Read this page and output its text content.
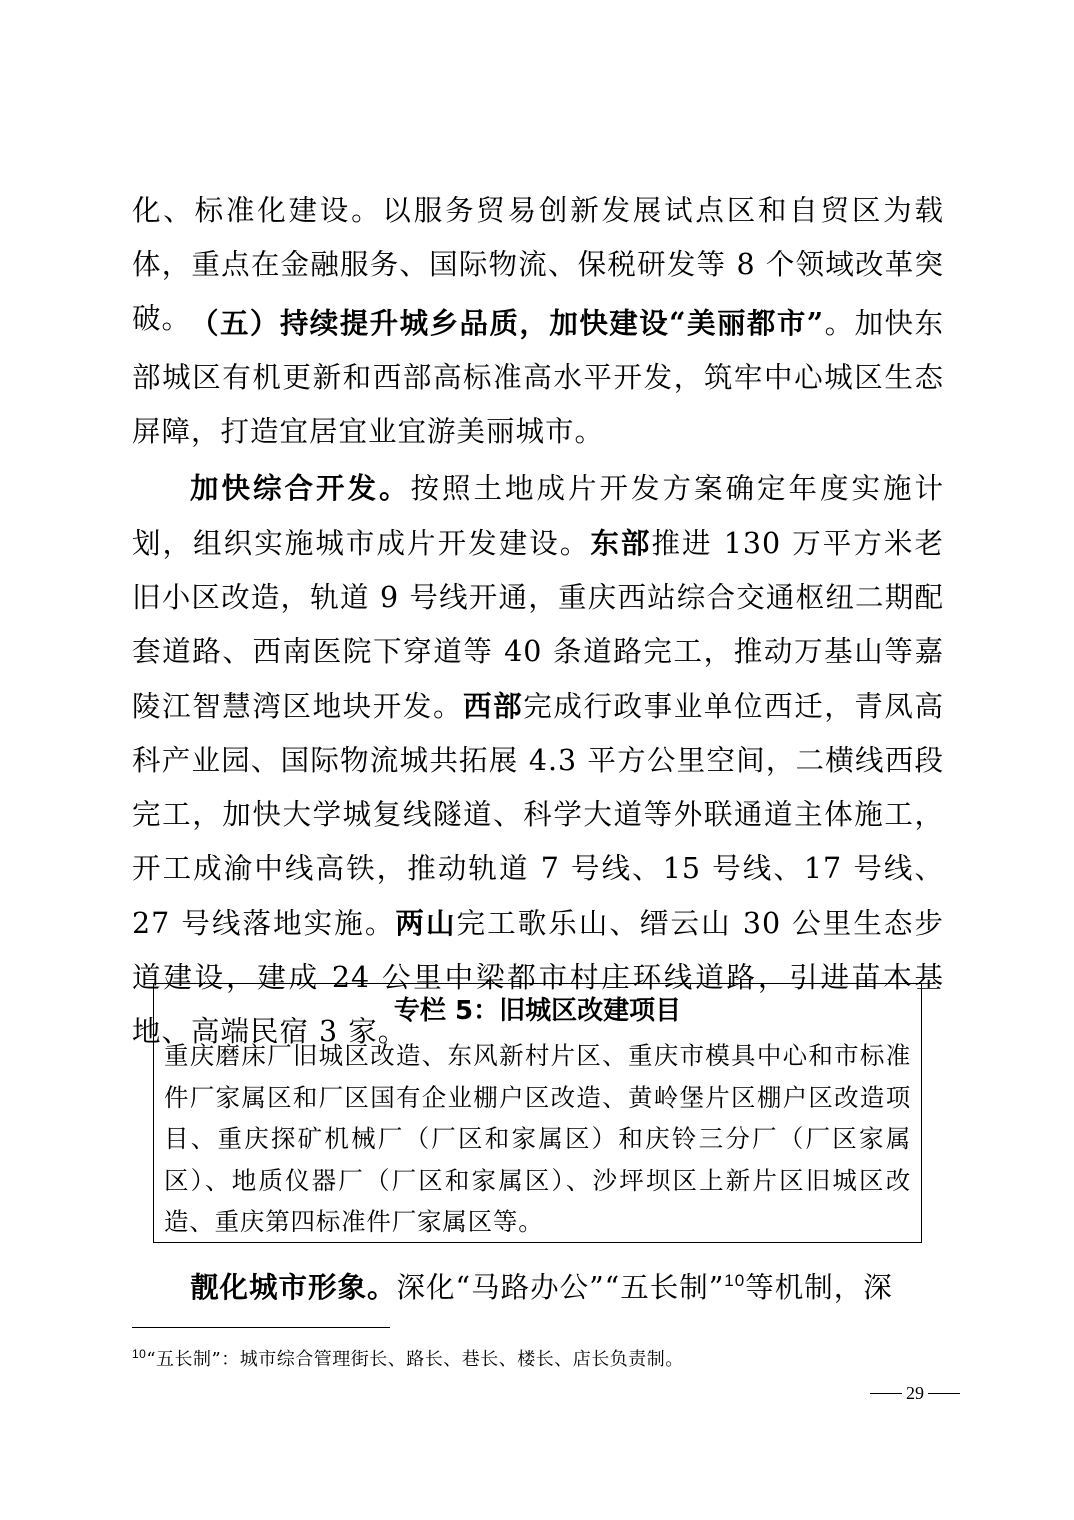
化、标准化建设。以服务贸易创新发展试点区和自贸区为载体，重点在金融服务、国际物流、保税研发等 8 个领域改革突破。

（五）持续提升城乡品质，加快建设“美丽都市”。加快东部城区有机更新和西部高标准高水平开发，筑牢中心城区生态屏障，打造宜居宜业宜游美丽城市。

加快综合开发。按照土地成片开发方案确定年度实施计划，组织实施城市成片开发建设。东部推进 130 万平方米老旧小区改造，轨道 9 号线开通，重庆西站综合交通枢纽二期配套道路、西南医院下穿道等 40 条道路完工，推动万基山等嘉陵江智慧湾区地块开发。西部完成行政事业单位西迁，青凤高科产业园、国际物流城共拓展 4.3 平方公里空间，二横线西段完工，加快大学城复线隧道、科学大道等外联通道主体施工，开工成渝中线高铁，推动轨道 7 号线、15 号线、17 号线、27 号线落地实施。两山完工歌乐山、缙云山 30 公里生态步道建设，建成 24 公里中梁都市村庄环线道路，引进苗木基地、高端民宿 3 家。

专栏 5：旧城区改建项目
重庆磨床厂旧城区改造、东风新村片区、重庆市模具中心和市标准件厂家属区和厂区国有企业棚户区改造、黄岭堡片区棚户区改造项目、重庆探矿机械厂（厂区和家属区）和庆铃三分厂（厂区家属区）、地质仪器厂（厂区和家属区）、沙坪坝区上新片区旧城区改造、重庆第四标准件厂家属区等。

靓化城市形象。深化“马路办公”“五长制”$^{10}$等机制，深

$^{10}$“五长制”：城市综合管理街长、路长、巷长、楼长、店长负责制。
29
